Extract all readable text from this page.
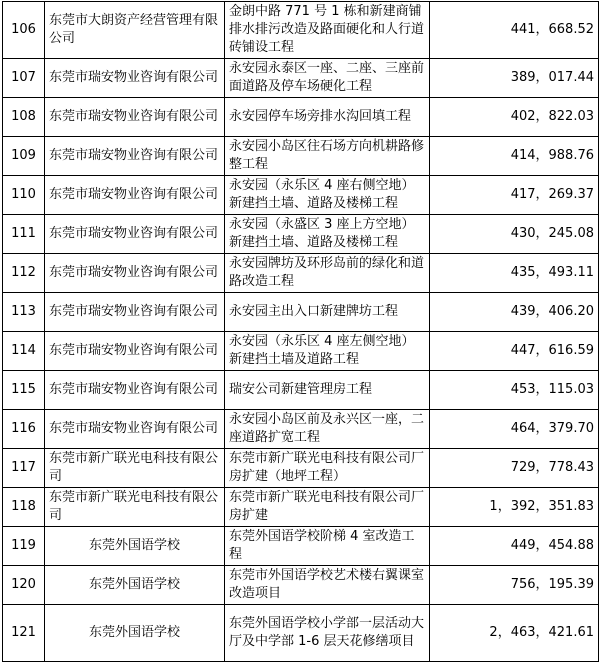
106	东莞市大朗资产经营管理有限公司	金朗中路 771 号 1 栋和新建商铺排水排污改造及路面硬化和人行道砖铺设工程	441，668.52
107	东莞市瑞安物业咨询有限公司	永安园永泰区一座、二座、三座前面道路及停车场硬化工程	389，017.44
108	东莞市瑞安物业咨询有限公司	永安园停车场旁排水沟回填工程	402，822.03
109	东莞市瑞安物业咨询有限公司	永安园小岛区往石场方向机耕路修整工程	414，988.76
110	东莞市瑞安物业咨询有限公司	永安园（永乐区 4 座右侧空地）新建挡土墙、道路及楼梯工程	417，269.37
111	东莞市瑞安物业咨询有限公司	永安园（永盛区 3 座上方空地）新建挡土墙、道路及楼梯工程	430，245.08
112	东莞市瑞安物业咨询有限公司	永安园牌坊及环形岛前的绿化和道路改造工程	435，493.11
113	东莞市瑞安物业咨询有限公司	永安园主出入口新建牌坊工程	439，406.20
114	东莞市瑞安物业咨询有限公司	永安园（永乐区 4 座左侧空地）新建挡土墙及道路工程	447，616.59
115	东莞市瑞安物业咨询有限公司	瑞安公司新建管理房工程	453，115.03
116	东莞市瑞安物业咨询有限公司	永安园小岛区前及永兴区一座，二座道路扩宽工程	464，379.70
117	东莞市新广联光电科技有限公司	东莞市新广联光电科技有限公司厂房扩建（地坪工程）	729，778.43
118	东莞市新广联光电科技有限公司	东莞市新广联光电科技有限公司厂房扩建	1，392，351.83
119	东莞外国语学校	东莞外国语学校阶梯 4 室改造工程	449，454.88
120	东莞外国语学校	东莞市外国语学校艺术楼右翼课室改造项目	756，195.39
121	东莞外国语学校	东莞外国语学校小学部一层活动大厅及中学部 1-6 层天花修缮项目	2，463，421.61
